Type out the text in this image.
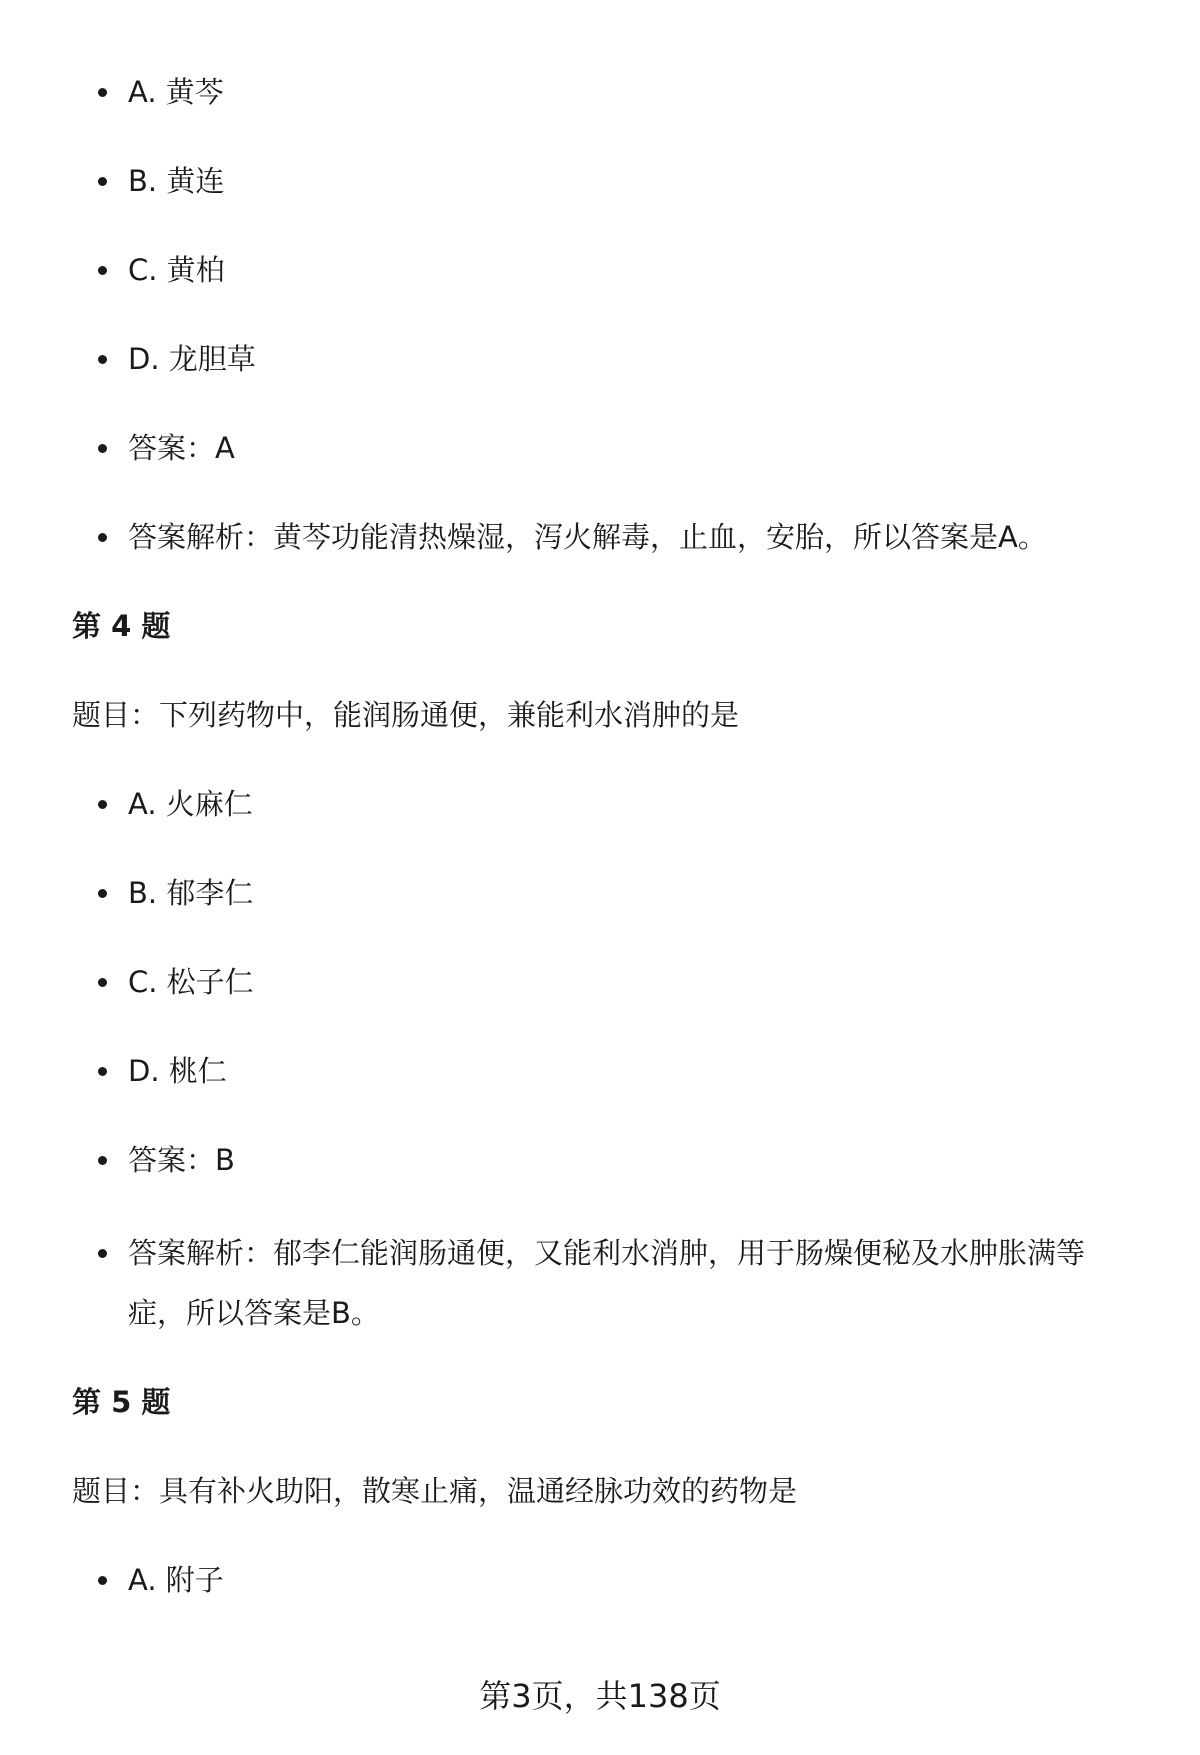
A. 黄芩
B. 黄连
C. 黄柏
D. 龙胆草
答案：A
答案解析：黄芩功能清热燥湿，泻火解毒，止血，安胎，所以答案是A。
第 4 题
题目：下列药物中，能润肠通便，兼能利水消肿的是
A. 火麻仁
B. 郁李仁
C. 松子仁
D. 桃仁
答案：B
答案解析：郁李仁能润肠通便，又能利水消肿，用于肠燥便秘及水肿胀满等症，所以答案是B。
第 5 题
题目：具有补火助阳，散寒止痛，温通经脉功效的药物是
A. 附子
第3页，共138页
